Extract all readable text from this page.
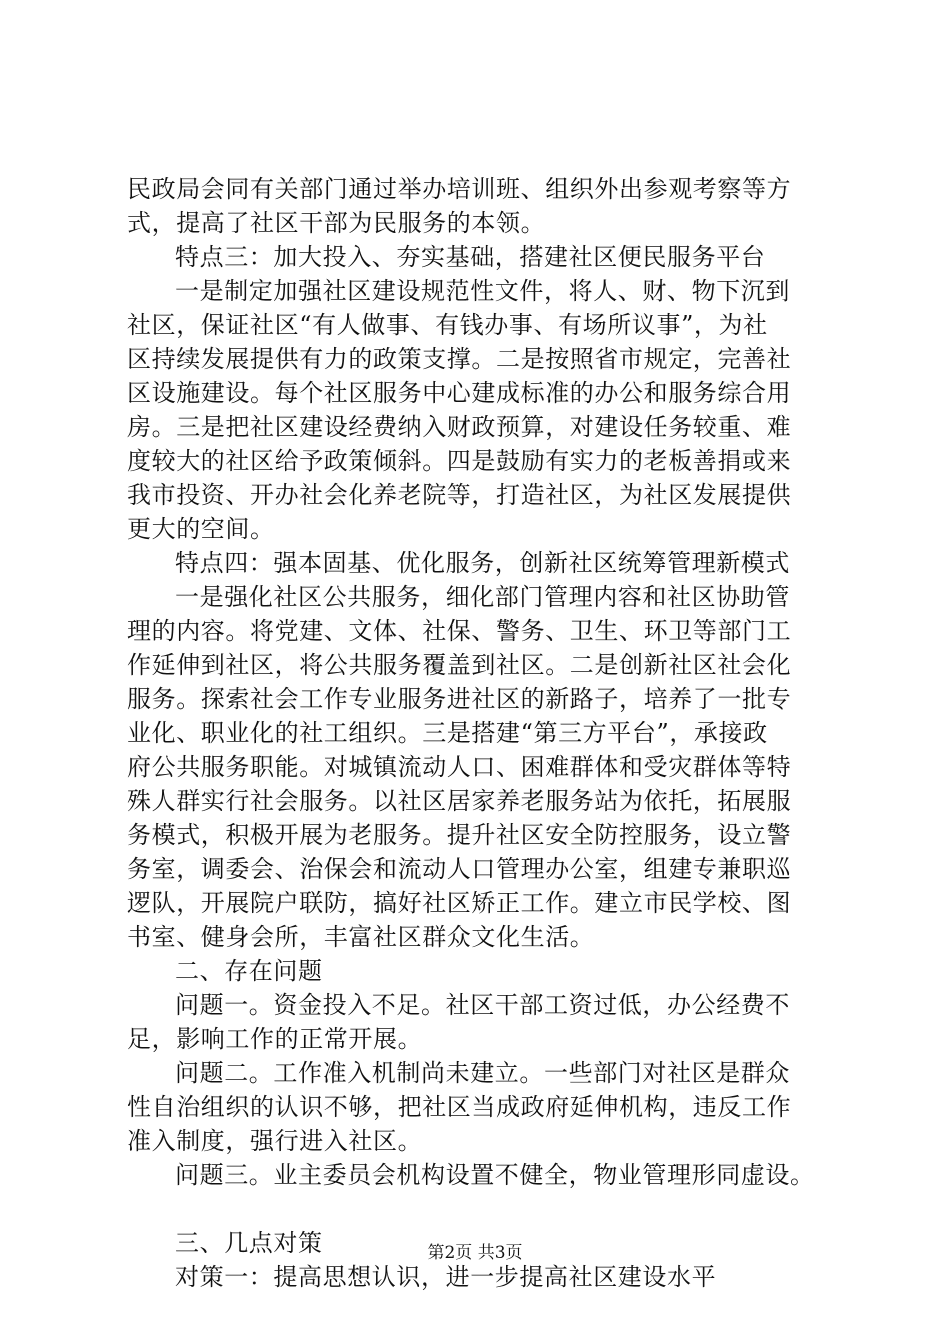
民政局会同有关部门通过举办培训班、组织外出参观考察等方
式，提高了社区干部为民服务的本领。
特点三：加大投入、夯实基础，搭建社区便民服务平台
一是制定加强社区建设规范性文件，将人、财、物下沉到
社区，保证社区“有人做事、有钱办事、有场所议事”，为社
区持续发展提供有力的政策支撑。二是按照省市规定，完善社
区设施建设。每个社区服务中心建成标准的办公和服务综合用
房。三是把社区建设经费纳入财政预算，对建设任务较重、难
度较大的社区给予政策倾斜。四是鼓励有实力的老板善捐或来
我市投资、开办社会化养老院等，打造社区，为社区发展提供
更大的空间。
特点四：强本固基、优化服务，创新社区统筹管理新模式
一是强化社区公共服务，细化部门管理内容和社区协助管
理的内容。将党建、文体、社保、警务、卫生、环卫等部门工
作延伸到社区，将公共服务覆盖到社区。二是创新社区社会化
服务。探索社会工作专业服务进社区的新路子，培养了一批专
业化、职业化的社工组织。三是搭建“第三方平台”，承接政
府公共服务职能。对城镇流动人口、困难群体和受灾群体等特
殊人群实行社会服务。以社区居家养老服务站为依托，拓展服
务模式，积极开展为老服务。提升社区安全防控服务，设立警
务室，调委会、治保会和流动人口管理办公室，组建专兼职巡
逻队，开展院户联防，搞好社区矫正工作。建立市民学校、图
书室、健身会所，丰富社区群众文化生活。
二、存在问题
问题一。资金投入不足。社区干部工资过低，办公经费不
足，影响工作的正常开展。
问题二。工作准入机制尚未建立。一些部门对社区是群众
性自治组织的认识不够，把社区当成政府延伸机构，违反工作
准入制度，强行进入社区。
问题三。业主委员会机构设置不健全，物业管理形同虚设。
三、几点对策
对策一：提高思想认识，进一步提高社区建设水平
第2页 共3页
